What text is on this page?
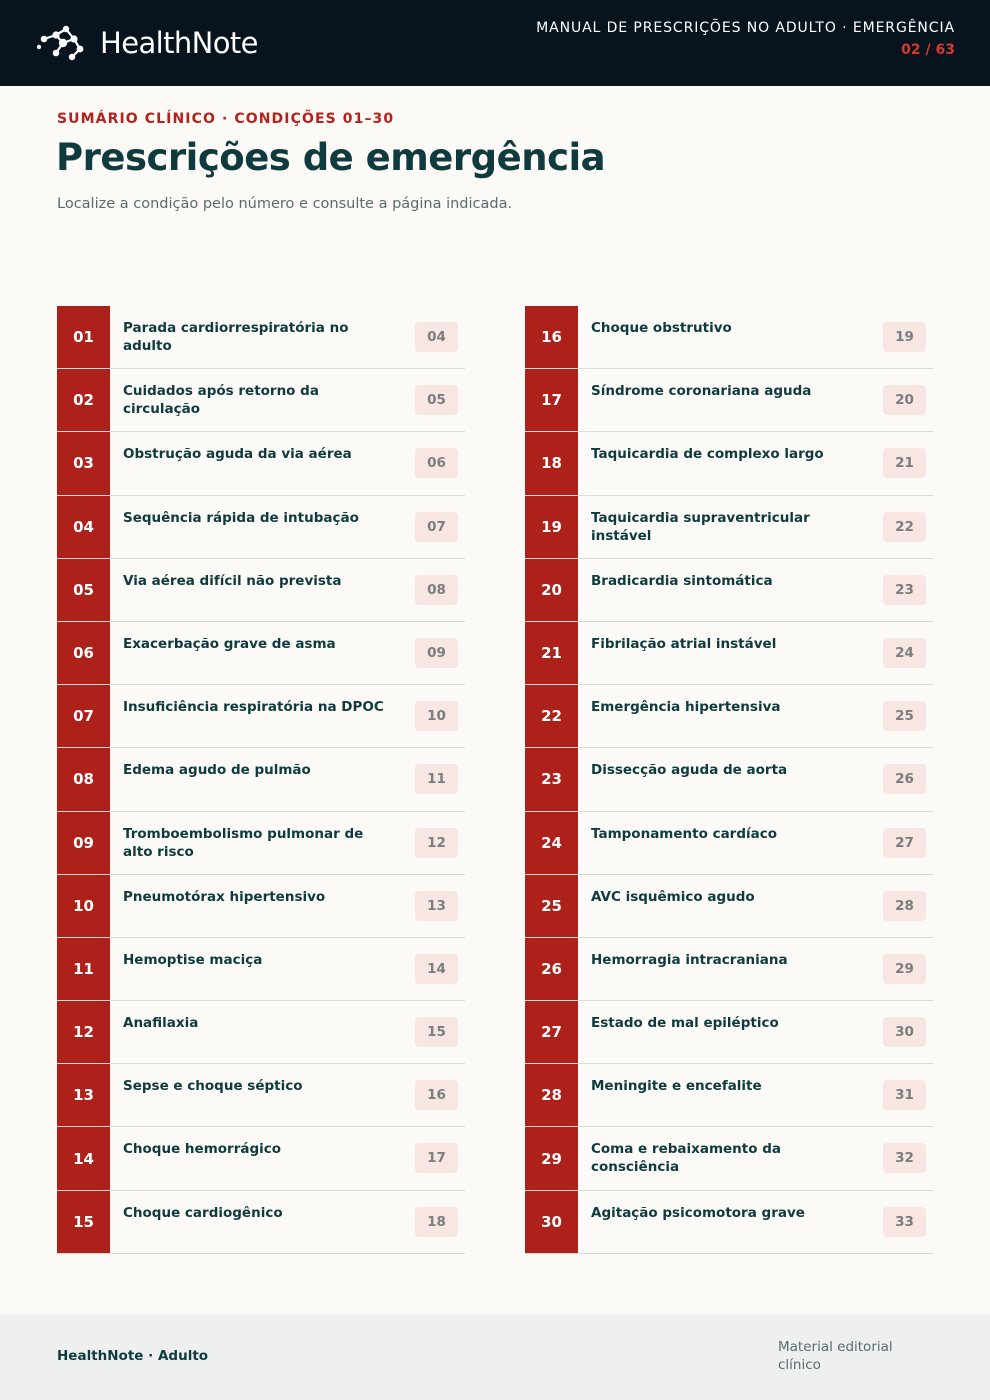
HealthNote	MANUAL DE PRESCRIÇÕES NO ADULTO · EMERGÊNCIA
02 / 63
SUMÁRIO CLÍNICO · CONDIÇÕES 01–30
Prescrições de emergência

Localize a condição pelo número e consulte a página indicada.

01
Parada cardiorrespiratória no adulto
04
02
Cuidados após retorno da circulação
05
03
Obstrução aguda da via aérea
06
04
Sequência rápida de intubação
07
05
Via aérea difícil não prevista
08
06
Exacerbação grave de asma
09
07
Insuficiência respiratória na DPOC
10
08
Edema agudo de pulmão
11
09
Tromboembolismo pulmonar de alto risco
12
10
Pneumotórax hipertensivo
13
11
Hemoptise maciça
14
12
Anafilaxia
15
13
Sepse e choque séptico
16
14
Choque hemorrágico
17
15
Choque cardiogênico
18
16
Choque obstrutivo
19
17
Síndrome coronariana aguda
20
18
Taquicardia de complexo largo
21
19
Taquicardia supraventricular instável
22
20
Bradicardia sintomática
23
21
Fibrilação atrial instável
24
22
Emergência hipertensiva
25
23
Dissecção aguda de aorta
26
24
Tamponamento cardíaco
27
25
AVC isquêmico agudo
28
26
Hemorragia intracraniana
29
27
Estado de mal epiléptico
30
28
Meningite e encefalite
31
29
Coma e rebaixamento da consciência
32
30
Agitação psicomotora grave
33
HealthNote · Adulto
Material editorial clínico
